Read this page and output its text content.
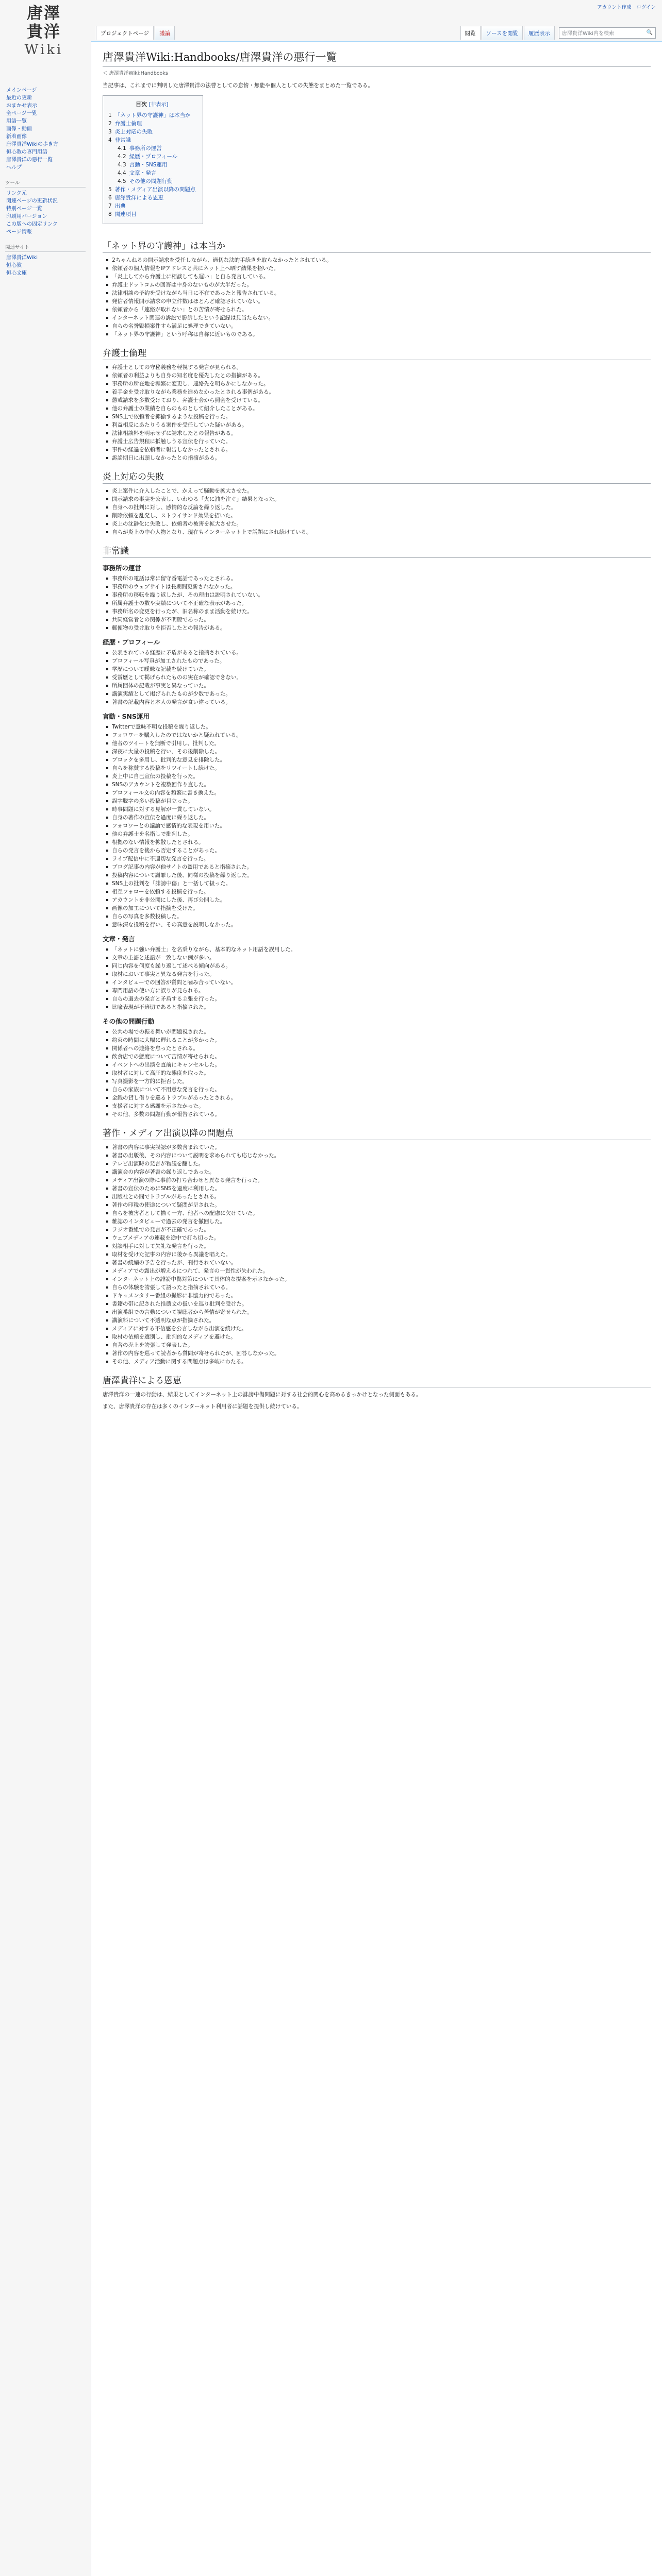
アカウント作成 ログイン
プロジェクトページ	議論	閲覧	ソースを閲覧	履歴表示	唐澤貴洋Wiki内を検索	🔍
唐澤
貴洋
Wiki
メインページ
最近の更新
おまかせ表示
全ページ一覧
用語一覧
画像・動画
新着画像
唐澤貴洋Wikiの歩き方
恒心教の専門用語
唐澤貴洋の悪行一覧
ヘルプ
ツール
リンク元
関連ページの更新状況
特別ページ一覧
印刷用バージョン
この版への固定リンク
ページ情報
関連サイト
唐澤貴洋Wiki
恒心教
恒心文庫
唐澤貴洋Wiki:Handbooks/唐澤貴洋の悪行一覧
＜ 唐澤貴洋Wiki:Handbooks
当記事は、これまでに判明した唐澤貴洋の法曹としての怠惰・無能や個人としての失態をまとめた一覧である。
目次 [非表示]
1 「ネット界の守護神」は本当か
2 弁護士倫理
3 炎上対応の失敗
4 非常識
4.1 事務所の運営
4.2 経歴・プロフィール
4.3 言動・SNS運用
4.4 文章・発言
4.5 その他の問題行動
5 著作・メディア出演以降の問題点
6 唐澤貴洋による恩恵
7 出典
8 関連項目
「ネット界の守護神」は本当か
2ちゃんねるの開示請求を受任しながら、適切な法的手続きを取らなかったとされている。
依頼者の個人情報をIPアドレスと共にネット上へ晒す結果を招いた。
「炎上してから弁護士に相談しても遅い」と自ら発言している。
弁護士ドットコムの回答は中身のないものが大半だった。
法律相談の予約を受けながら当日に不在であったと報告されている。
発信者情報開示請求の申立件数はほとんど確認されていない。
依頼者から「連絡が取れない」との苦情が寄せられた。
インターネット関連の訴訟で勝訴したという記録は見当たらない。
自らの名誉毀損案件すら満足に処理できていない。
「ネット界の守護神」という呼称は自称に近いものである。
弁護士倫理
弁護士としての守秘義務を軽視する発言が見られる。
依頼者の利益よりも自身の知名度を優先したとの指摘がある。
事務所の所在地を頻繁に変更し、連絡先を明らかにしなかった。
着手金を受け取りながら業務を進めなかったとされる事例がある。
懲戒請求を多数受けており、弁護士会から照会を受けている。
他の弁護士の業績を自らのものとして紹介したことがある。
SNS上で依頼者を揶揄するような投稿を行った。
利益相反にあたりうる案件を受任していた疑いがある。
法律相談料を明示せずに請求したとの報告がある。
弁護士広告規程に抵触しうる宣伝を行っていた。
事件の経過を依頼者に報告しなかったとされる。
訴訟期日に出頭しなかったとの指摘がある。
炎上対応の失敗
炎上案件に介入したことで、かえって騒動を拡大させた。
開示請求の事実を公表し、いわゆる「火に油を注ぐ」結果となった。
自身への批判に対し、感情的な反論を繰り返した。
削除依頼を乱発し、ストライサンド効果を招いた。
炎上の沈静化に失敗し、依頼者の被害を拡大させた。
自らが炎上の中心人物となり、現在もインターネット上で話題にされ続けている。
非常識
事務所の運営
事務所の電話は常に留守番電話であったとされる。
事務所のウェブサイトは長期間更新されなかった。
事務所の移転を繰り返したが、その理由は説明されていない。
所属弁護士の数や実績について不正確な表示があった。
事務所名の変更を行ったが、旧名称のまま活動を続けた。
共同経営者との関係が不明瞭であった。
郵便物の受け取りを拒否したとの報告がある。
経歴・プロフィール
公表されている経歴に矛盾があると指摘されている。
プロフィール写真が加工されたものであった。
学歴について曖昧な記載を続けていた。
受賞歴として掲げられたものの実在が確認できない。
所属団体の記載が事実と異なっていた。
講演実績として掲げられたものが少数であった。
著書の記載内容と本人の発言が食い違っている。
言動・SNS運用
Twitterで意味不明な投稿を繰り返した。
フォロワーを購入したのではないかと疑われている。
他者のツイートを無断で引用し、批判した。
深夜に大量の投稿を行い、その後削除した。
ブロックを多用し、批判的な意見を排除した。
自らを称賛する投稿をリツイートし続けた。
炎上中に自己宣伝の投稿を行った。
SNSのアカウントを複数回作り直した。
プロフィール文の内容を頻繁に書き換えた。
誤字脱字の多い投稿が目立った。
時事問題に対する見解が一貫していない。
自身の著作の宣伝を過度に繰り返した。
フォロワーとの議論で感情的な表現を用いた。
他の弁護士を名指しで批判した。
根拠のない情報を拡散したとされる。
自らの発言を後から否定することがあった。
ライブ配信中に不適切な発言を行った。
ブログ記事の内容が他サイトの盗用であると指摘された。
投稿内容について謝罪した後、同様の投稿を繰り返した。
SNS上の批判を「誹謗中傷」と一括して扱った。
相互フォローを依頼する投稿を行った。
アカウントを非公開にした後、再び公開した。
画像の加工について指摘を受けた。
自らの写真を多数投稿した。
意味深な投稿を行い、その真意を説明しなかった。
文章・発言
「ネットに強い弁護士」を名乗りながら、基本的なネット用語を誤用した。
文章の主語と述語が一致しない例が多い。
同じ内容を何度も繰り返して述べる傾向がある。
取材において事実と異なる発言を行った。
インタビューでの回答が質問と噛み合っていない。
専門用語の使い方に誤りが見られる。
自らの過去の発言と矛盾する主張を行った。
比喩表現が不適切であると指摘された。
その他の問題行動
公共の場での振る舞いが問題視された。
約束の時間に大幅に遅れることが多かった。
関係者への連絡を怠ったとされる。
飲食店での態度について苦情が寄せられた。
イベントへの出演を直前にキャンセルした。
取材者に対して高圧的な態度を取った。
写真撮影を一方的に拒否した。
自らの家族について不用意な発言を行った。
金銭の貸し借りを巡るトラブルがあったとされる。
支援者に対する感謝を示さなかった。
その他、多数の問題行動が報告されている。
著作・メディア出演以降の問題点
著書の内容に事実誤認が多数含まれていた。
著書の出版後、その内容について説明を求められても応じなかった。
テレビ出演時の発言が物議を醸した。
講演会の内容が著書の繰り返しであった。
メディア出演の際に事前の打ち合わせと異なる発言を行った。
著書の宣伝のためにSNSを過度に利用した。
出版社との間でトラブルがあったとされる。
著作の印税の使途について疑問が呈された。
自らを被害者として描く一方、他者への配慮に欠けていた。
雑誌のインタビューで過去の発言を撤回した。
ラジオ番組での発言が不正確であった。
ウェブメディアの連載を途中で打ち切った。
対談相手に対して失礼な発言を行った。
取材を受けた記事の内容に後から異議を唱えた。
著書の続編の予告を行ったが、刊行されていない。
メディアでの露出が増えるにつれて、発言の一貫性が失われた。
インターネット上の誹謗中傷対策について具体的な提案を示さなかった。
自らの体験を誇張して語ったと指摘されている。
ドキュメンタリー番組の撮影に非協力的であった。
書籍の帯に記された推薦文の扱いを巡り批判を受けた。
出演番組での言動について視聴者から苦情が寄せられた。
講演料について不透明な点が指摘された。
メディアに対する不信感を公言しながら出演を続けた。
取材の依頼を選別し、批判的なメディアを避けた。
自著の売上を誇張して発表した。
著作の内容を巡って読者から質問が寄せられたが、回答しなかった。
その他、メディア活動に関する問題点は多岐にわたる。
唐澤貴洋による恩恵

唐澤貴洋の一連の行動は、結果としてインターネット上の誹謗中傷問題に対する社会的関心を高めるきっかけとなった側面もある。

また、唐澤貴洋の存在は多くのインターネット利用者に話題を提供し続けている。
